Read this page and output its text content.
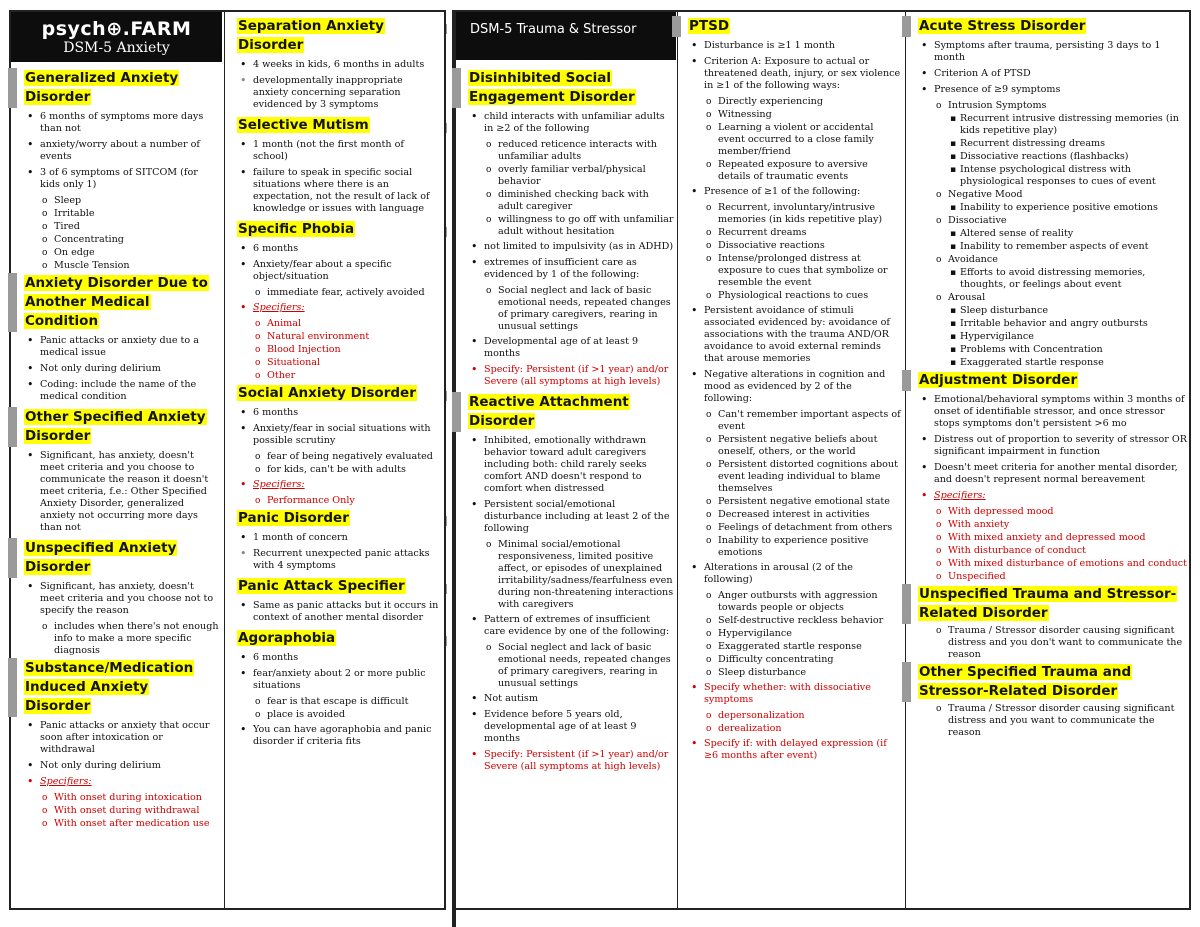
psych⊕.FARM
DSM-5 Anxiety
Generalized Anxiety Disorder
• 6 months of symptoms more days than not
• anxiety/worry about a number of events
• 3 of 6 symptoms of SITCOM (for kids only 1)
o Sleep
o Irritable
o Tired
o Concentrating
o On edge
o Muscle Tension
Anxiety Disorder Due to Another Medical Condition
• Panic attacks or anxiety due to a medical issue
• Not only during delirium
• Coding: include the name of the medical condition
Other Specified Anxiety Disorder
• Significant, has anxiety, doesn't meet criteria and you choose to communicate the reason it doesn't meet criteria, f.e.: Other Specified Anxiety Disorder, generalized anxiety not occurring more days than not
Unspecified Anxiety Disorder
• Significant, has anxiety, doesn't meet criteria and you choose not to specify the reason
o includes when there's not enough info to make a more specific diagnosis
Substance/Medication Induced Anxiety Disorder
• Panic attacks or anxiety that occur soon after intoxication or withdrawal
• Not only during delirium
• Specifiers:
o With onset during intoxication
o With onset during withdrawal
o With onset after medication use
Separation Anxiety Disorder
• 4 weeks in kids, 6 months in adults
• developmentally inappropriate anxiety concerning separation evidenced by 3 symptoms
Selective Mutism
• 1 month (not the first month of school)
• failure to speak in specific social situations where there is an expectation, not the result of lack of knowledge or issues with language
Specific Phobia
• 6 months
• Anxiety/fear about a specific object/situation
o immediate fear, actively avoided
• Specifiers:
o Animal
o Natural environment
o Blood Injection
o Situational
o Other
Social Anxiety Disorder
• 6 months
• Anxiety/fear in social situations with possible scrutiny
o fear of being negatively evaluated
o for kids, can't be with adults
• Specifiers:
o Performance Only
Panic Disorder
• 1 month of concern
• Recurrent unexpected panic attacks with 4 symptoms
Panic Attack Specifier
• Same as panic attacks but it occurs in context of another mental disorder
Agoraphobia
• 6 months
• fear/anxiety about 2 or more public situations
o fear is that escape is difficult
o place is avoided
• You can have agoraphobia and panic disorder if criteria fits
DSM-5 Trauma & Stressor
Disinhibited Social Engagement Disorder
• child interacts with unfamiliar adults in ≥2 of the following
o reduced reticence interacts with unfamiliar adults
o overly familiar verbal/physical behavior
o diminished checking back with adult caregiver
o willingness to go off with unfamiliar adult without hesitation
• not limited to impulsivity (as in ADHD)
• extremes of insufficient care as evidenced by 1 of the following:
o Social neglect and lack of basic emotional needs, repeated changes of primary caregivers, rearing in unusual settings
• Developmental age of at least 9 months
• Specify: Persistent (if >1 year) and/or Severe (all symptoms at high levels)
Reactive Attachment Disorder
• Inhibited, emotionally withdrawn behavior toward adult caregivers including both: child rarely seeks comfort AND doesn't respond to comfort when distressed
• Persistent social/emotional disturbance including at least 2 of the following
o Minimal social/emotional responsiveness, limited positive affect, or episodes of unexplained irritability/sadness/fearfulness even during non-threatening interactions with caregivers
• Pattern of extremes of insufficient care evidence by one of the following:
o Social neglect and lack of basic emotional needs, repeated changes of primary caregivers, rearing in unusual settings
• Not autism
• Evidence before 5 years old, developmental age of at least 9 months
• Specify: Persistent (if >1 year) and/or Severe (all symptoms at high levels)
PTSD
• Disturbance is ≥1 1 month
• Criterion A: Exposure to actual or threatened death, injury, or sex violence in ≥1 of the following ways:
o Directly experiencing
o Witnessing
o Learning a violent or accidental event occurred to a close family member/friend
o Repeated exposure to aversive details of traumatic events
• Presence of ≥1 of the following:
o Recurrent, involuntary/intrusive memories (in kids repetitive play)
o Recurrent dreams
o Dissociative reactions
o Intense/prolonged distress at exposure to cues that symbolize or resemble the event
o Physiological reactions to cues
• Persistent avoidance of stimuli associated evidenced by: avoidance of associations with the trauma AND/OR avoidance to avoid external reminds that arouse memories
• Negative alterations in cognition and mood as evidenced by 2 of the following:
o Can't remember important aspects of event
o Persistent negative beliefs about oneself, others, or the world
o Persistent distorted cognitions about event leading individual to blame themselves
o Persistent negative emotional state
o Decreased interest in activities
o Feelings of detachment from others
o Inability to experience positive emotions
• Alterations in arousal (2 of the following)
o Anger outbursts with aggression towards people or objects
o Self-destructive reckless behavior
o Hypervigilance
o Exaggerated startle response
o Difficulty concentrating
o Sleep disturbance
• Specify whether: with dissociative symptoms
o depersonalization
o derealization
• Specify if: with delayed expression (if ≥6 months after event)
Acute Stress Disorder
• Symptoms after trauma, persisting 3 days to 1 month
• Criterion A of PTSD
• Presence of ≥9 symptoms
o Intrusion Symptoms
▪ Recurrent intrusive distressing memories (in kids repetitive play)
▪ Recurrent distressing dreams
▪ Dissociative reactions (flashbacks)
▪ Intense psychological distress with physiological responses to cues of event
o Negative Mood
▪ Inability to experience positive emotions
o Dissociative
▪ Altered sense of reality
▪ Inability to remember aspects of event
o Avoidance
▪ Efforts to avoid distressing memories, thoughts, or feelings about event
o Arousal
▪ Sleep disturbance
▪ Irritable behavior and angry outbursts
▪ Hypervigilance
▪ Problems with Concentration
▪ Exaggerated startle response
Adjustment Disorder
• Emotional/behavioral symptoms within 3 months of onset of identifiable stressor, and once stressor stops symptoms don't persistent >6 mo
• Distress out of proportion to severity of stressor OR significant impairment in function
• Doesn't meet criteria for another mental disorder, and doesn't represent normal bereavement
• Specifiers:
o With depressed mood
o With anxiety
o With mixed anxiety and depressed mood
o With disturbance of conduct
o With mixed disturbance of emotions and conduct
o Unspecified
Unspecified Trauma and Stressor-Related Disorder
o Trauma / Stressor disorder causing significant distress and you don't want to communicate the reason
Other Specified Trauma and Stressor-Related Disorder
o Trauma / Stressor disorder causing significant distress and you want to communicate the reason
